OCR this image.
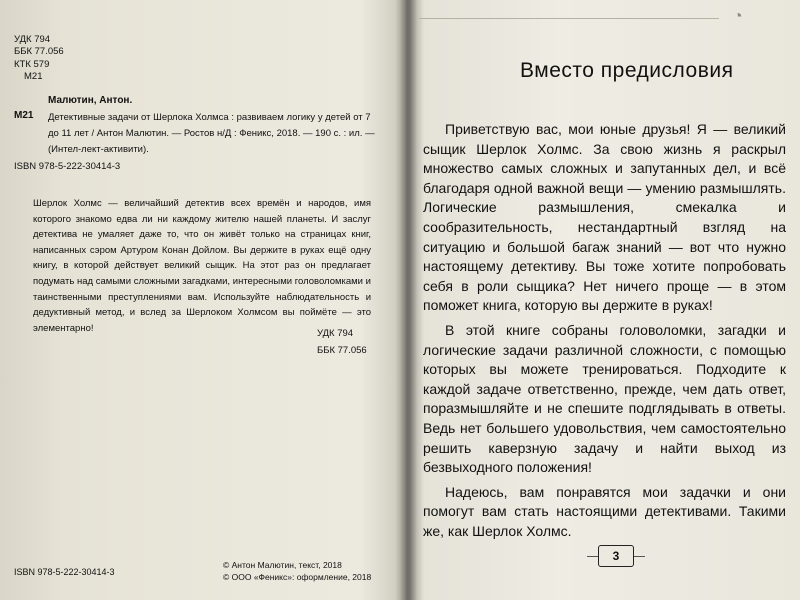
УДК 794
ББК 77.056
КТК 579
М21
Малютин, Антон.
М21 Детективные задачи от Шерлока Холмса : развиваем логику у детей от 7 до 11 лет / Антон Малютин. — Ростов н/Д : Феникс, 2018. — 190 с. : ил. — (Интел-лект-активити).
ISBN 978-5-222-30414-3

Шерлок Холмс — величайший детектив всех времён и народов, имя которого знакомо едва ли ни каждому жителю нашей планеты. И заслуг детектива не умаляет даже то, что он живёт только на страницах книг, написанных сэром Артуром Конан Дойлом. Вы держите в руках ещё одну книгу, в которой действует великий сыщик. На этот раз он предлагает подумать над самыми сложными загадками, интересными головоломками и таинственными преступлениями вам. Используйте наблюдательность и дедуктивный метод, и вслед за Шерлоком Холмсом вы поймёте — это элементарно!	УДК 794
ББК 77.056
ISBN 978-5-222-30414-3
© Антон Малютин, текст, 2018
© ООО «Феникс»: оформление, 2018
◔
Вместо предисловия

Приветствую вас, мои юные друзья! Я — великий сыщик Шерлок Холмс. За свою жизнь я раскрыл множество самых сложных и запутанных дел, и всё благодаря одной важной вещи — умению размышлять. Логические размышления, смекалка и сообразительность, нестандартный взгляд на ситуацию и большой багаж знаний — вот что нужно настоящему детективу. Вы тоже хотите попробовать себя в роли сыщика? Нет ничего проще — в этом поможет книга, которую вы держите в руках!

В этой книге собраны головоломки, загадки и логические задачи различной сложности, с помощью которых вы можете тренироваться. Подходите к каждой задаче ответственно, прежде, чем дать ответ, поразмышляйте и не спешите подглядывать в ответы. Ведь нет большего удовольствия, чем самостоятельно решить каверзную задачу и найти выход из безвыходного положения!

Надеюсь, вам понравятся мои задачки и они помогут вам стать настоящими детективами. Такими же, как Шерлок Холмс.

3
